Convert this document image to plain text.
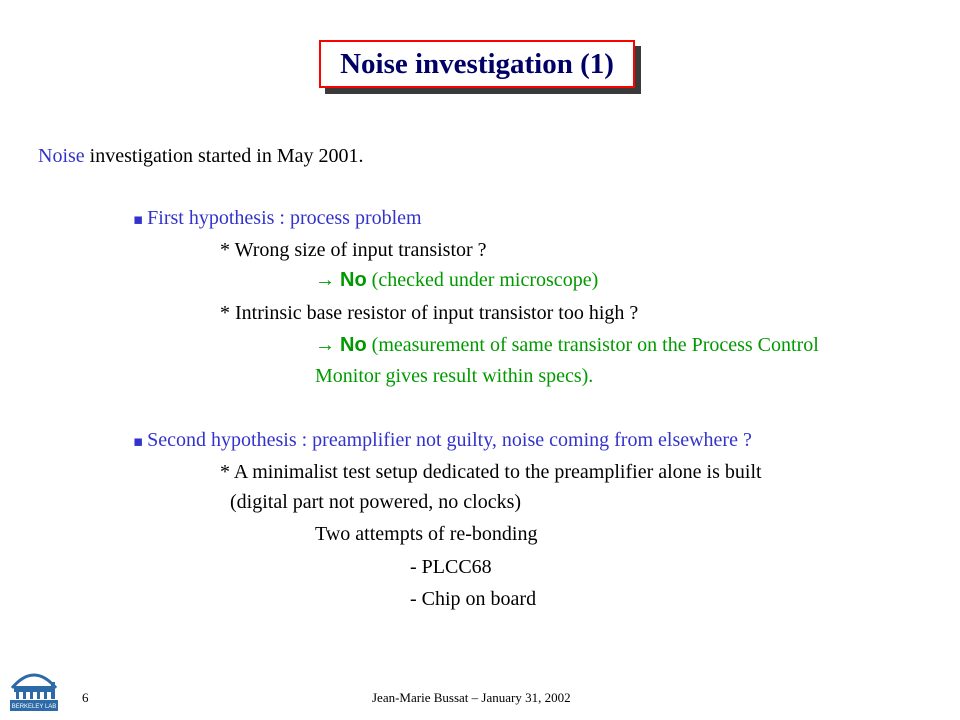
Noise investigation (1)
Noise investigation started in May 2001.
▪ First hypothesis : process problem
* Wrong size of input transistor ?
→ No (checked under microscope)
* Intrinsic base resistor of input transistor too high ?
→ No (measurement of same transistor on the Process Control
Monitor gives result within specs).
▪ Second hypothesis : preamplifier not guilty, noise coming from elsewhere ?
* A minimalist test setup dedicated to the preamplifier alone is built
(digital part not powered, no clocks)
Two attempts of re-bonding
- PLCC68
- Chip on board
BERKELEY LAB
6	Jean-Marie Bussat – January 31, 2002
